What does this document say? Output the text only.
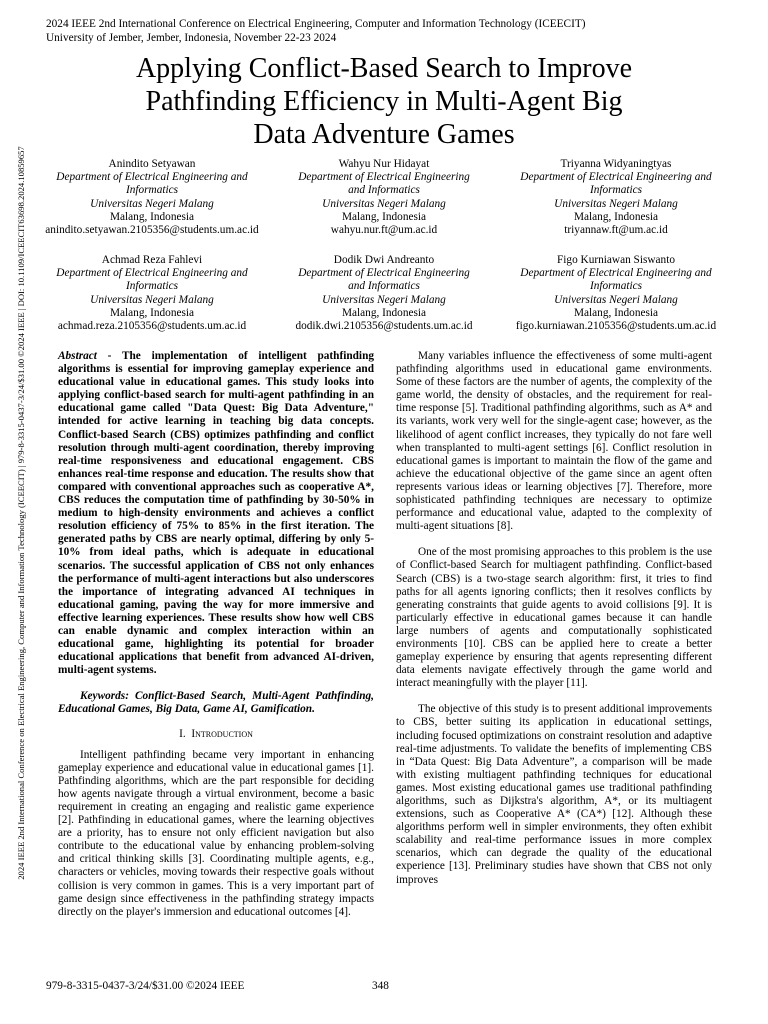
2024 IEEE 2nd International Conference on Electrical Engineering, Computer and Information Technology (ICEECIT)
University of Jember, Jember, Indonesia, November 22-23 2024
2024 IEEE 2nd International Conference on Electrical Engineering, Computer and Information Technology (ICEECIT) | 979-8-3315-0437-3/24/$31.00 ©2024 IEEE | DOI: 10.1109/ICEECIT63698.2024.10859657
Applying Conflict-Based Search to Improve
Pathfinding Efficiency in Multi-Agent Big
Data Adventure Games
Anindito Setyawan
Department of Electrical Engineering and
Informatics
Universitas Negeri Malang
Malang, Indonesia
anindito.setyawan.2105356@students.um.ac.id
Wahyu Nur Hidayat
Department of Electrical Engineering
and Informatics
Universitas Negeri Malang
Malang, Indonesia
wahyu.nur.ft@um.ac.id
Triyanna Widyaningtyas
Department of Electrical Engineering and
Informatics
Universitas Negeri Malang
Malang, Indonesia
triyannaw.ft@um.ac.id
Achmad Reza Fahlevi
Department of Electrical Engineering and
Informatics
Universitas Negeri Malang
Malang, Indonesia
achmad.reza.2105356@students.um.ac.id
Dodik Dwi Andreanto
Department of Electrical Engineering
and Informatics
Universitas Negeri Malang
Malang, Indonesia
dodik.dwi.2105356@students.um.ac.id
Figo Kurniawan Siswanto
Department of Electrical Engineering and
Informatics
Universitas Negeri Malang
Malang, Indonesia
figo.kurniawan.2105356@students.um.ac.id

Abstract - The implementation of intelligent pathfinding algorithms is essential for improving gameplay experience and educational value in educational games. This study looks into applying conflict-based search for multi-agent pathfinding in an educational game called "Data Quest: Big Data Adventure," intended for active learning in teaching big data concepts. Conflict-based Search (CBS) optimizes pathfinding and conflict resolution through multi-agent coordination, thereby improving real-time responsiveness and educational engagement. CBS enhances real-time response and education. The results show that compared with conventional approaches such as cooperative A*, CBS reduces the computation time of pathfinding by 30-50% in medium to high-density environments and achieves a conflict resolution efficiency of 75% to 85% in the first iteration. The generated paths by CBS are nearly optimal, differing by only 5-10% from ideal paths, which is adequate in educational scenarios. The successful application of CBS not only enhances the performance of multi-agent interactions but also underscores the importance of integrating advanced AI techniques in educational gaming, paving the way for more immersive and effective learning experiences. These results show how well CBS can enable dynamic and complex interaction within an educational game, highlighting its potential for broader educational applications that benefit from advanced AI-driven, multi-agent systems.

Keywords: Conflict-Based Search, Multi-Agent Pathfinding, Educational Games, Big Data, Game AI, Gamification.

I. Introduction

Intelligent pathfinding became very important in enhancing gameplay experience and educational value in educational games [1]. Pathfinding algorithms, which are the part responsible for deciding how agents navigate through a virtual environment, become a basic requirement in creating an engaging and realistic game experience [2]. Pathfinding in educational games, where the learning objectives are a priority, has to ensure not only efficient navigation but also contribute to the educational value by enhancing problem-solving and critical thinking skills [3]. Coordinating multiple agents, e.g., characters or vehicles, moving towards their respective goals without collision is very common in games. This is a very important part of game design since effectiveness in the pathfinding strategy impacts directly on the player's immersion and educational outcomes [4].

Many variables influence the effectiveness of some multi-agent pathfinding algorithms used in educational game environments. Some of these factors are the number of agents, the complexity of the game world, the density of obstacles, and the requirement for real-time response [5]. Traditional pathfinding algorithms, such as A* and its variants, work very well for the single-agent case; however, as the likelihood of agent conflict increases, they typically do not fare well when transplanted to multi-agent settings [6]. Conflict resolution in educational games is important to maintain the flow of the game and achieve the educational objective of the game since an agent often represents various ideas or learning objectives [7]. Therefore, more sophisticated pathfinding techniques are necessary to optimize performance and educational value, adapted to the complexity of multi-agent situations [8].

One of the most promising approaches to this problem is the use of Conflict-based Search for multiagent pathfinding. Conflict-based Search (CBS) is a two-stage search algorithm: first, it tries to find paths for all agents ignoring conflicts; then it resolves conflicts by generating constraints that guide agents to avoid collisions [9]. It is particularly effective in educational games because it can handle large numbers of agents and computationally sophisticated environments [10]. CBS can be applied here to create a better gameplay experience by ensuring that agents representing different data elements navigate effectively through the game world and interact meaningfully with the player [11].

The objective of this study is to present additional improvements to CBS, better suiting its application in educational settings, including focused optimizations on constraint resolution and adaptive real-time adjustments. To validate the benefits of implementing CBS in “Data Quest: Big Data Adventure”, a comparison will be made with existing multiagent pathfinding techniques for educational games. Most existing educational games use traditional pathfinding algorithms, such as Dijkstra's algorithm, A*, or its multiagent extensions, such as Cooperative A* (CA*) [12]. Although these algorithms perform well in simpler environments, they often exhibit scalability and real-time performance issues in more complex scenarios, which can degrade the quality of the educational experience [13]. Preliminary studies have shown that CBS not only improves

979-8-3315-0437-3/24/$31.00 ©2024 IEEE	348
